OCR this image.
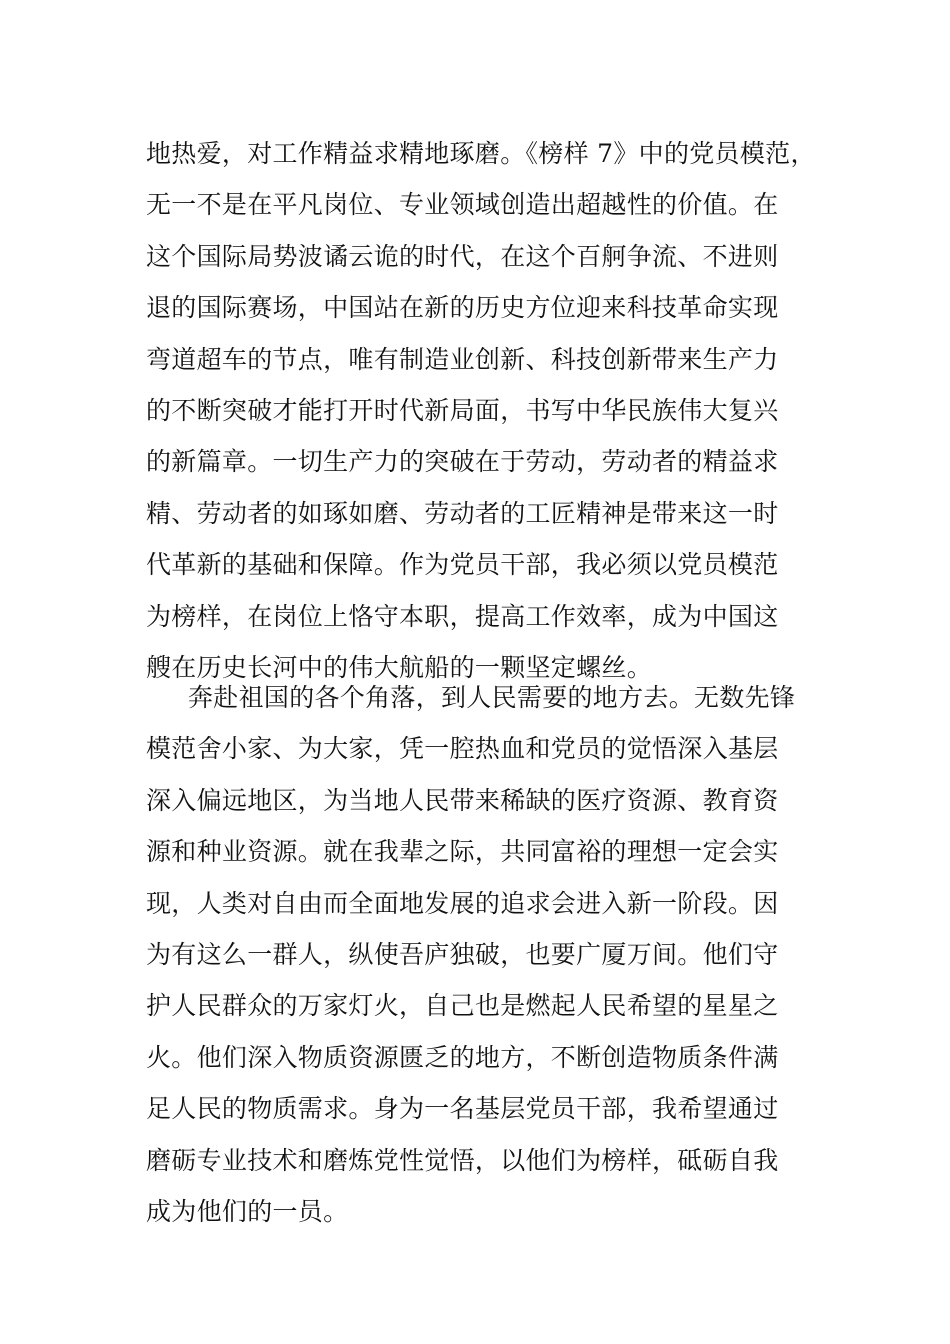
地热爱，对工作精益求精地琢磨。《榜样 7》中的党员模范，
无一不是在平凡岗位、专业领域创造出超越性的价值。在
这个国际局势波谲云诡的时代，在这个百舸争流、不进则
退的国际赛场，中国站在新的历史方位迎来科技革命实现
弯道超车的节点，唯有制造业创新、科技创新带来生产力
的不断突破才能打开时代新局面，书写中华民族伟大复兴
的新篇章。一切生产力的突破在于劳动，劳动者的精益求
精、劳动者的如琢如磨、劳动者的工匠精神是带来这一时
代革新的基础和保障。作为党员干部，我必须以党员模范
为榜样，在岗位上恪守本职，提高工作效率，成为中国这
艘在历史长河中的伟大航船的一颗坚定螺丝。
奔赴祖国的各个角落，到人民需要的地方去。无数先锋
模范舍小家、为大家，凭一腔热血和党员的觉悟深入基层
深入偏远地区，为当地人民带来稀缺的医疗资源、教育资
源和种业资源。就在我辈之际，共同富裕的理想一定会实
现，人类对自由而全面地发展的追求会进入新一阶段。因
为有这么一群人，纵使吾庐独破，也要广厦万间。他们守
护人民群众的万家灯火，自己也是燃起人民希望的星星之
火。他们深入物质资源匮乏的地方，不断创造物质条件满
足人民的物质需求。身为一名基层党员干部，我希望通过
磨砺专业技术和磨炼党性觉悟，以他们为榜样，砥砺自我
成为他们的一员。
